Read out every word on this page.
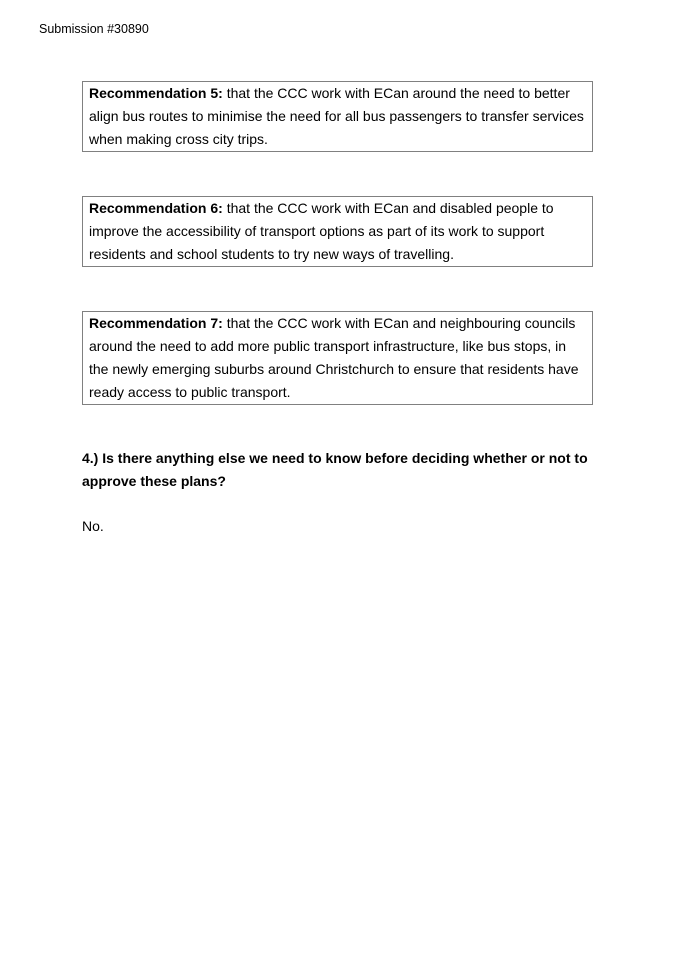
Submission #30890

Recommendation 5: that the CCC work with ECan around the need to better align bus routes to minimise the need for all bus passengers to transfer services when making cross city trips.

Recommendation 6: that the CCC work with ECan and disabled people to improve the accessibility of transport options as part of its work to support residents and school students to try new ways of travelling.

Recommendation 7: that the CCC work with ECan and neighbouring councils around the need to add more public transport infrastructure, like bus stops, in the newly emerging suburbs around Christchurch to ensure that residents have ready access to public transport.

4.) Is there anything else we need to know before deciding whether or not to approve these plans?

No.
